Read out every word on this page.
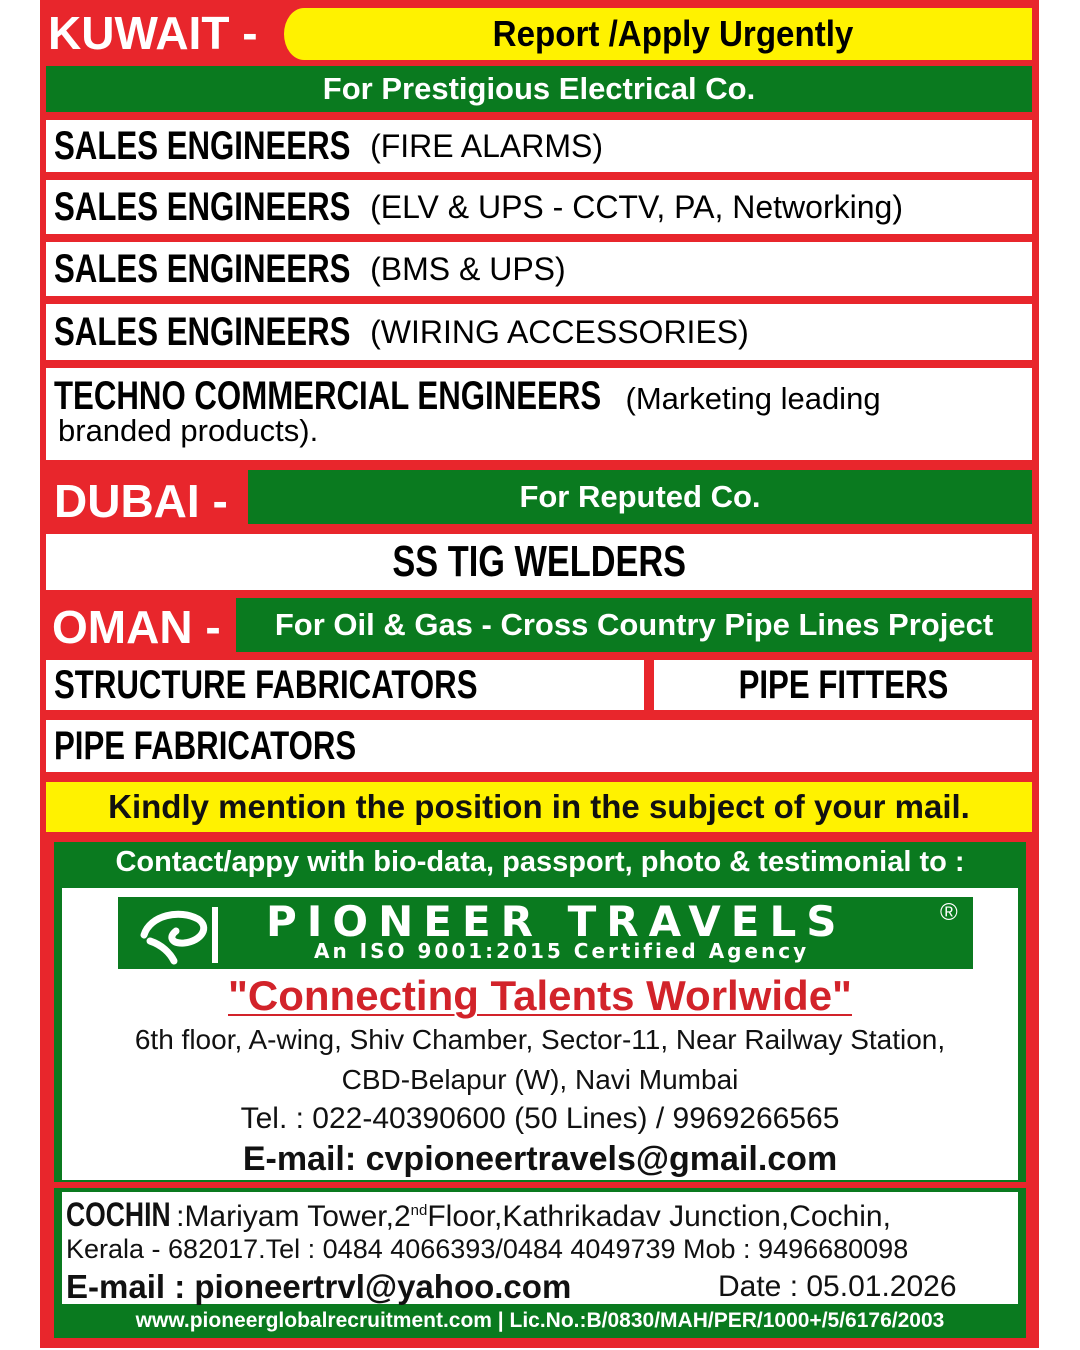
KUWAIT -	Report /Apply Urgently
For Prestigious Electrical Co.
SALES ENGINEERS (FIRE ALARMS)
SALES ENGINEERS (ELV & UPS - CCTV, PA, Networking)
SALES ENGINEERS (BMS & UPS)
SALES ENGINEERS (WIRING ACCESSORIES)
TECHNO COMMERCIAL ENGINEERS (Marketing leading
branded products).
DUBAI -	For Reputed Co.
SS TIG WELDERS
OMAN - For Oil & Gas - Cross Country Pipe Lines Project
STRUCTURE FABRICATORS	PIPE FITTERS
PIPE FABRICATORS
Kindly mention the position in the subject of your mail.
Contact/appy with bio-data, passport, photo & testimonial to :
PIONEER TRAVELS	®
An ISO 9001:2015 Certified Agency
"Connecting Talents Worlwide"
6th floor, A-wing, Shiv Chamber, Sector-11, Near Railway Station,
CBD-Belapur (W), Navi Mumbai
Tel. : 022-40390600 (50 Lines) / 9969266565
E-mail: cvpioneertravels@gmail.com
COCHIN :Mariyam Tower,2ndFloor,Kathrikadav Junction,Cochin,
Kerala - 682017.Tel : 0484 4066393/0484 4049739 Mob : 9496680098
E-mail : pioneertrvl@yahoo.com	Date : 05.01.2026
www.pioneerglobalrecruitment.com | Lic.No.:B/0830/MAH/PER/1000+/5/6176/2003
